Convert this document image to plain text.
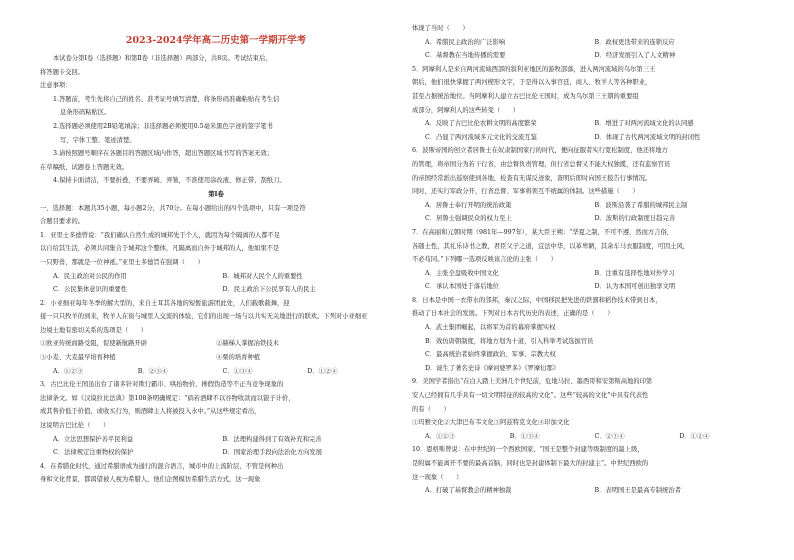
2023-2024学年高二历史第一学期开学考
本试卷分第Ⅰ卷（选择题）和第Ⅱ卷（非选择题）两部分，共8页。考试结束后，
将答题卡交回。
注意事项：
1.答题前，考生先将自己的姓名、准考证号填写清楚，将条形码准确粘贴在考生信
息条形码粘贴区。
2.选择题必须使用2B铅笔填涂；非选择题必须使用0.5毫米黑色字迹的签字笔书
写，字体工整、笔迹清楚。
3.请按照题号顺序在各题目的答题区域内作答，超出答题区域书写的答案无效；
在草稿纸、试题卷上答题无效。
4.保持卡面清洁，不要折叠，不要弄破、弄皱，不准使用涂改液、修正带、刮纸刀。
第Ⅰ卷
一、选择题：本题共35小题，每小题2分，共70分。在每小题给出的四个选项中，只有一项是符
合题目要求的。
1．亚里士多德曾说：“我们确认自然生成的城邦先于个人，就因为每个隔离的人都不足
以自给其生活，必须共同集合于城邦这个整体，凡隔离而自外于城邦的人，他如果不是
一只野兽，那就是一位神祇。”亚里士多德旨在强调（　　）
A．民主政治对公民的作用	B．城邦对人民个人的重要性
C．公民集体意识的重要性	D．民主政治下公民享有人的民主
2．小亚细亚每年冬季的解大型的，来自土耳其各地的短暂旅游团此处，人们载歌载舞，迎
接一只只牧羊的到来，牧羊人在街与城里人交流的体验，它们的出现一场与以共实无关地进行的联欢。下列对小亚细亚
边境土地有密切关系的选项是（　　）
①欧亚传统商路受阻，促使新航路开辟	②赫梯人掌握冶铁技术
③小麦、大麦最早培育种植	④栗的培育种植
A．①②③	B．②③④	C．①③④	D．①②④
3．古巴比伦王国虽出台了诸多针对欺行霸市、哄抬物价、掺假伪造等不正当竞争现象的
法律条文。如《汉谟拉比法典》第108条明确规定：“倘若酒肆不以谷物收款而以银子计价，
或其售价低于价值，或收买行为，则酒肆主人将被投入水中。”从这些规定看出，
这说明古巴比伦（　　）
A．立法思想保护善平民利益	B．法理构建得到了有效补充和完善
C．法律规定注重物权的保护	D．国家治理手段向法治化方向发展
4．在希腊化时代，通过希腊语成为通行的混合语言，城市中的上流阶层，不管是何种出
身和文化背景，都渴望被人视为希腊人，他们企图模仿希腊生活方式，这一现象
体现了当时（　　）
A．希腊民主政治的广泛影响	B．政权更迭带来的连锁反应
C．基督教在当地传播的需要	D．经济发展引入了人文精神
5．阿摩利人是来自两河流域西部的叙利亚地区的游牧部落，进入两河流域的乌尔第三王
朝后，他们很快掌握了两河楔形文字，于是得以入事宫廷，商人、牧羊人等各种职业，
甚至占据统治地位。当阿摩利人建立古巴比伦王国时，成为乌尔第三王朝的重要组
成部分，阿摩利人的这些转变（　　）
A．反映了古巴比伦农耕文明的高度繁荣	B．增进了对两河流域文化的认同感
C．凸显了两河流域多元文化的交流互鉴	D．体现了古代两河流域文明的封闭性
6．波斯帝国的创立者居鲁士在奴隶制国家行的时代，便向征服者实行宽松制度，他还将地方
的管理，将帝国分为若干行省，由总督负责管理，但行省总督又不能大权独揽，还有监察官员
的帝国经常派出巡察使到各地，检查有无谋反迹象，查明后即时向国王报告行事情况。
同时，还实行军政分开，行省总督、军事将领互不统属的体制。这些措施（　　）
A．居鲁士奉行开明的统治政策	B．波斯沿袭了希腊的城邦民主制
C．居鲁士强调民众的权力至上	D．波斯的行政制度日趋完善
7．在高丽和元朝时期（981年—997年），某大臣王朔：“华夏之制，不可不遵，然而方言俗，
各随土性，其礼乐诗书之教，君臣父子之道，宜法中华，以革卑陋，其余车马衣服制度，可因土风，
不必苟同。”下列哪一选项反映该言论的主张（　　）
A．主张全盘吸收中国文化	B．注重有选择性地对外学习
C．承认本国处于落后地位	D．认为本国可创出独享文明
8．日本是中国一衣带水的邻邦，秦汉之际，中国移民把先进的铁器和稻作技术带到日本，
推动了日本社会的发展。下列对日本古代历史的表述，正确的是（　　）
A．武士集团崛起，以将军为首的幕府掌握实权
B．效仿唐朝制度，将地方划为十道，引入科举考试选拔官员
C．最高统治者始终掌握政治、军事、宗教大权
D．诞生了著名史诗《摩诃婆罗多》《罗摩衍那》
9．美国学者指出“在白人踏上美洲几个世纪前，危地马拉、墨西哥和安第斯高地的印第
安人已经拥有几乎具有一切文明特征的较高的文化”。这些“较高的文化”中具有代表性
的有（　　）
①玛雅文化②大津巴布韦文化③阿兹特克文化④印加文化
A．①②③	B．①③④	C．②③④	D．①②④
10．恩格斯曾说：在中世纪的一个西欧国家，“国王是整个封建等级制度的最上级，
是附属不能离开不要的最高首脑，同时也是封建体制下最大的封建主”。中世纪西欧的
这一现象（　　）
A．打破了基督教会的精神独裁	B．表明国王是最高专制统治者
